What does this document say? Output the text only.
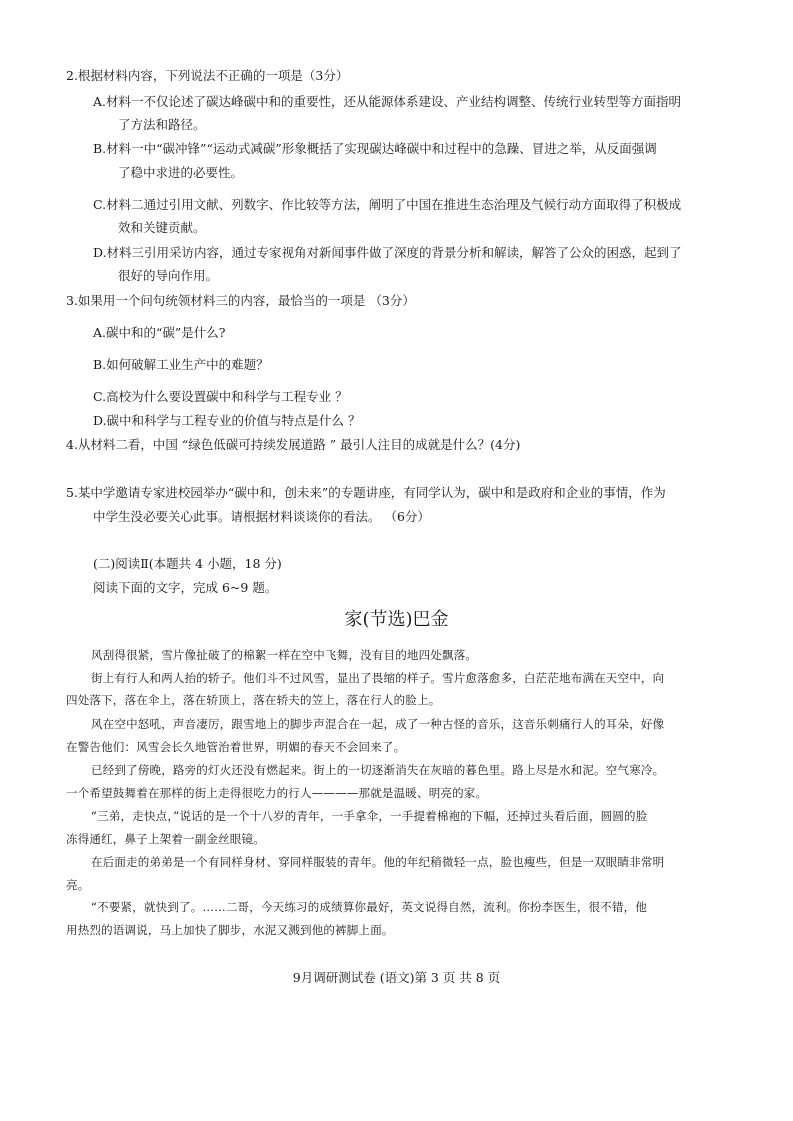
2.根据材料内容，下列说法不正确的一项是（3分）
A.材料一不仅论述了碳达峰碳中和的重要性，还从能源体系建设、产业结构调整、传统行业转型等方面指明
了方法和路径。
B.材料一中“碳冲锋”“运动式减碳”形象概括了实现碳达峰碳中和过程中的急躁、冒进之举，从反面强调
了稳中求进的必要性。
C.材料二通过引用文献、列数字、作比较等方法，阐明了中国在推进生态治理及气候行动方面取得了积极成
效和关键贡献。
D.材料三引用采访内容，通过专家视角对新闻事件做了深度的背景分析和解读，解答了公众的困惑，起到了
很好的导向作用。
3.如果用一个问句统领材料三的内容，最恰当的一项是 （3分）
A.碳中和的“碳”是什么?
B.如何破解工业生产中的难题？
C.高校为什么要设置碳中和科学与工程专业 ？
D.碳中和科学与工程专业的价值与特点是什么 ？
4.从材料二看，中国 “绿色低碳可持续发展道路 ” 最引人注目的成就是什么？(4分)
5.某中学邀请专家进校园举办“碳中和，创未来”的专题讲座，有同学认为，碳中和是政府和企业的事情，作为
中学生没必要关心此事。请根据材料谈谈你的看法。 （6分）
(二)阅读Ⅱ(本题共 4 小题，18 分)
阅读下面的文字，完成 6~9 题。
家(节选)巴金
风刮得很紧，雪片像扯破了的棉絮一样在空中飞舞，没有目的地四处飘落。
街上有行人和两人抬的轿子。他们斗不过风雪，显出了畏缩的样子。雪片愈落愈多，白茫茫地布满在天空中，向
四处落下，落在伞上，落在轿顶上，落在轿夫的笠上，落在行人的脸上。
风在空中怒吼，声音凄厉，跟雪地上的脚步声混合在一起，成了一种古怪的音乐，这音乐刺痛行人的耳朵，好像
在警告他们：风雪会长久地管治着世界，明媚的春天不会回来了。
已经到了傍晚，路旁的灯火还没有燃起来。街上的一切逐渐消失在灰暗的暮色里。路上尽是水和泥。空气寒冷。
一个希望鼓舞着在那样的街上走得很吃力的行人————那就是温暖、明亮的家。
“三弟，走快点，”说话的是一个十八岁的青年，一手拿伞，一手提着棉袍的下幅，还掉过头看后面，圆圆的脸
冻得通红，鼻子上架着一副金丝眼镜。
在后面走的弟弟是一个有同样身材、穿同样服装的青年。他的年纪稍微轻一点，脸也瘦些，但是一双眼睛非常明
亮。
“不要紧，就快到了。……二哥，今天练习的成绩算你最好，英文说得自然，流利。你扮李医生，很不错，他
用热烈的语调说，马上加快了脚步，水泥又溅到他的裤脚上面。
9月调研测试卷 (语文)第 3 页 共 8 页
